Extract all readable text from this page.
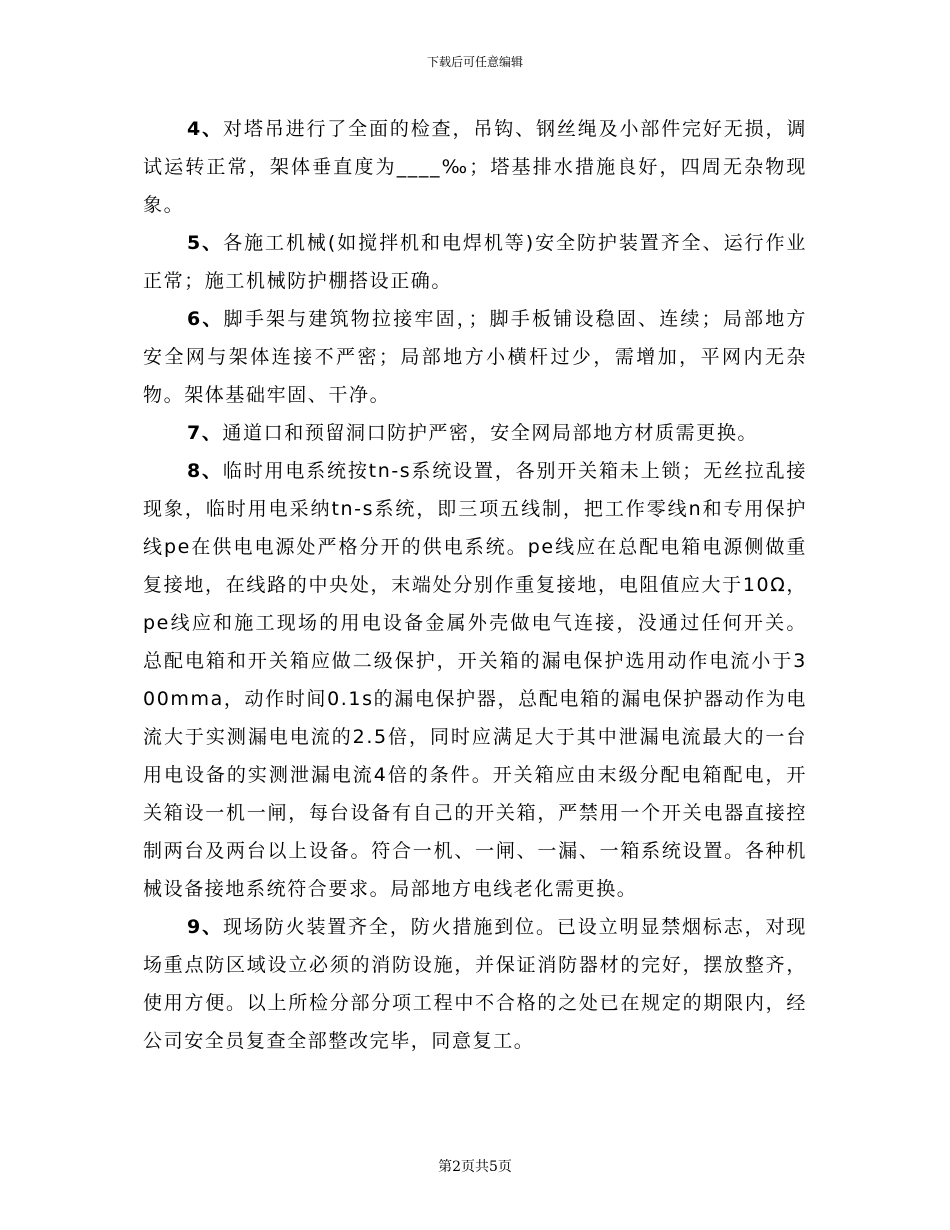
下载后可任意编辑

4、对塔吊进行了全面的检查，吊钩、钢丝绳及小部件完好无损，调试运转正常，架体垂直度为____‰；塔基排水措施良好，四周无杂物现象。

5、各施工机械(如搅拌机和电焊机等)安全防护装置齐全、运行作业正常；施工机械防护棚搭设正确。

6、脚手架与建筑物拉接牢固，；脚手板铺设稳固、连续；局部地方安全网与架体连接不严密；局部地方小横杆过少，需增加，平网内无杂物。架体基础牢固、干净。

7、通道口和预留洞口防护严密，安全网局部地方材质需更换。

8、临时用电系统按tn-s系统设置，各别开关箱未上锁；无丝拉乱接现象，临时用电采纳tn-s系统，即三项五线制，把工作零线n和专用保护线pe在供电电源处严格分开的供电系统。pe线应在总配电箱电源侧做重复接地，在线路的中央处，末端处分别作重复接地，电阻值应大于10Ω，pe线应和施工现场的用电设备金属外壳做电气连接，没通过任何开关。总配电箱和开关箱应做二级保护，开关箱的漏电保护选用动作电流小于300mma，动作时间0.1s的漏电保护器，总配电箱的漏电保护器动作为电流大于实测漏电电流的2.5倍，同时应满足大于其中泄漏电流最大的一台用电设备的实测泄漏电流4倍的条件。开关箱应由末级分配电箱配电，开关箱设一机一闸，每台设备有自己的开关箱，严禁用一个开关电器直接控制两台及两台以上设备。符合一机、一闸、一漏、一箱系统设置。各种机械设备接地系统符合要求。局部地方电线老化需更换。

9、现场防火装置齐全，防火措施到位。已设立明显禁烟标志，对现场重点防区域设立必须的消防设施，并保证消防器材的完好，摆放整齐，使用方便。以上所检分部分项工程中不合格的之处已在规定的期限内，经公司安全员复查全部整改完毕，同意复工。

第2页共5页
